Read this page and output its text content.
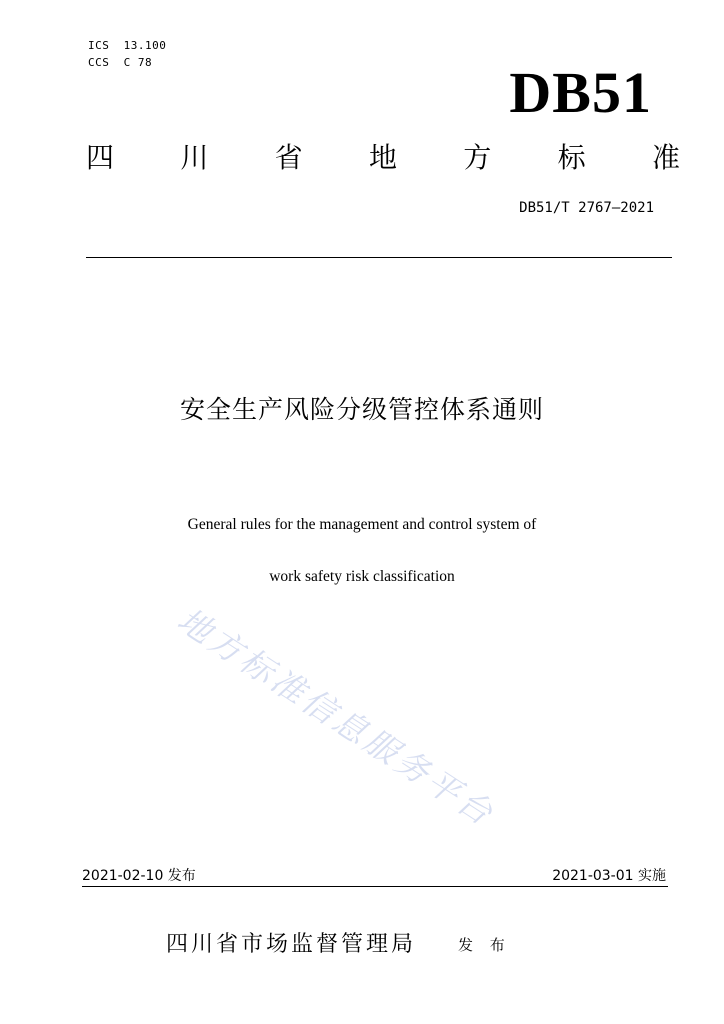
ICS  13.100
CCS  C 78	DB51
四 川 省 地 方 标 准
DB51/T 2767—2021
安全生产风险分级管控体系通则
General rules for the management and control system of
work safety risk classification
地方标准信息服务平台
2021-02-10 发布	2021-03-01 实施
四川省市场监督管理局	发 布
